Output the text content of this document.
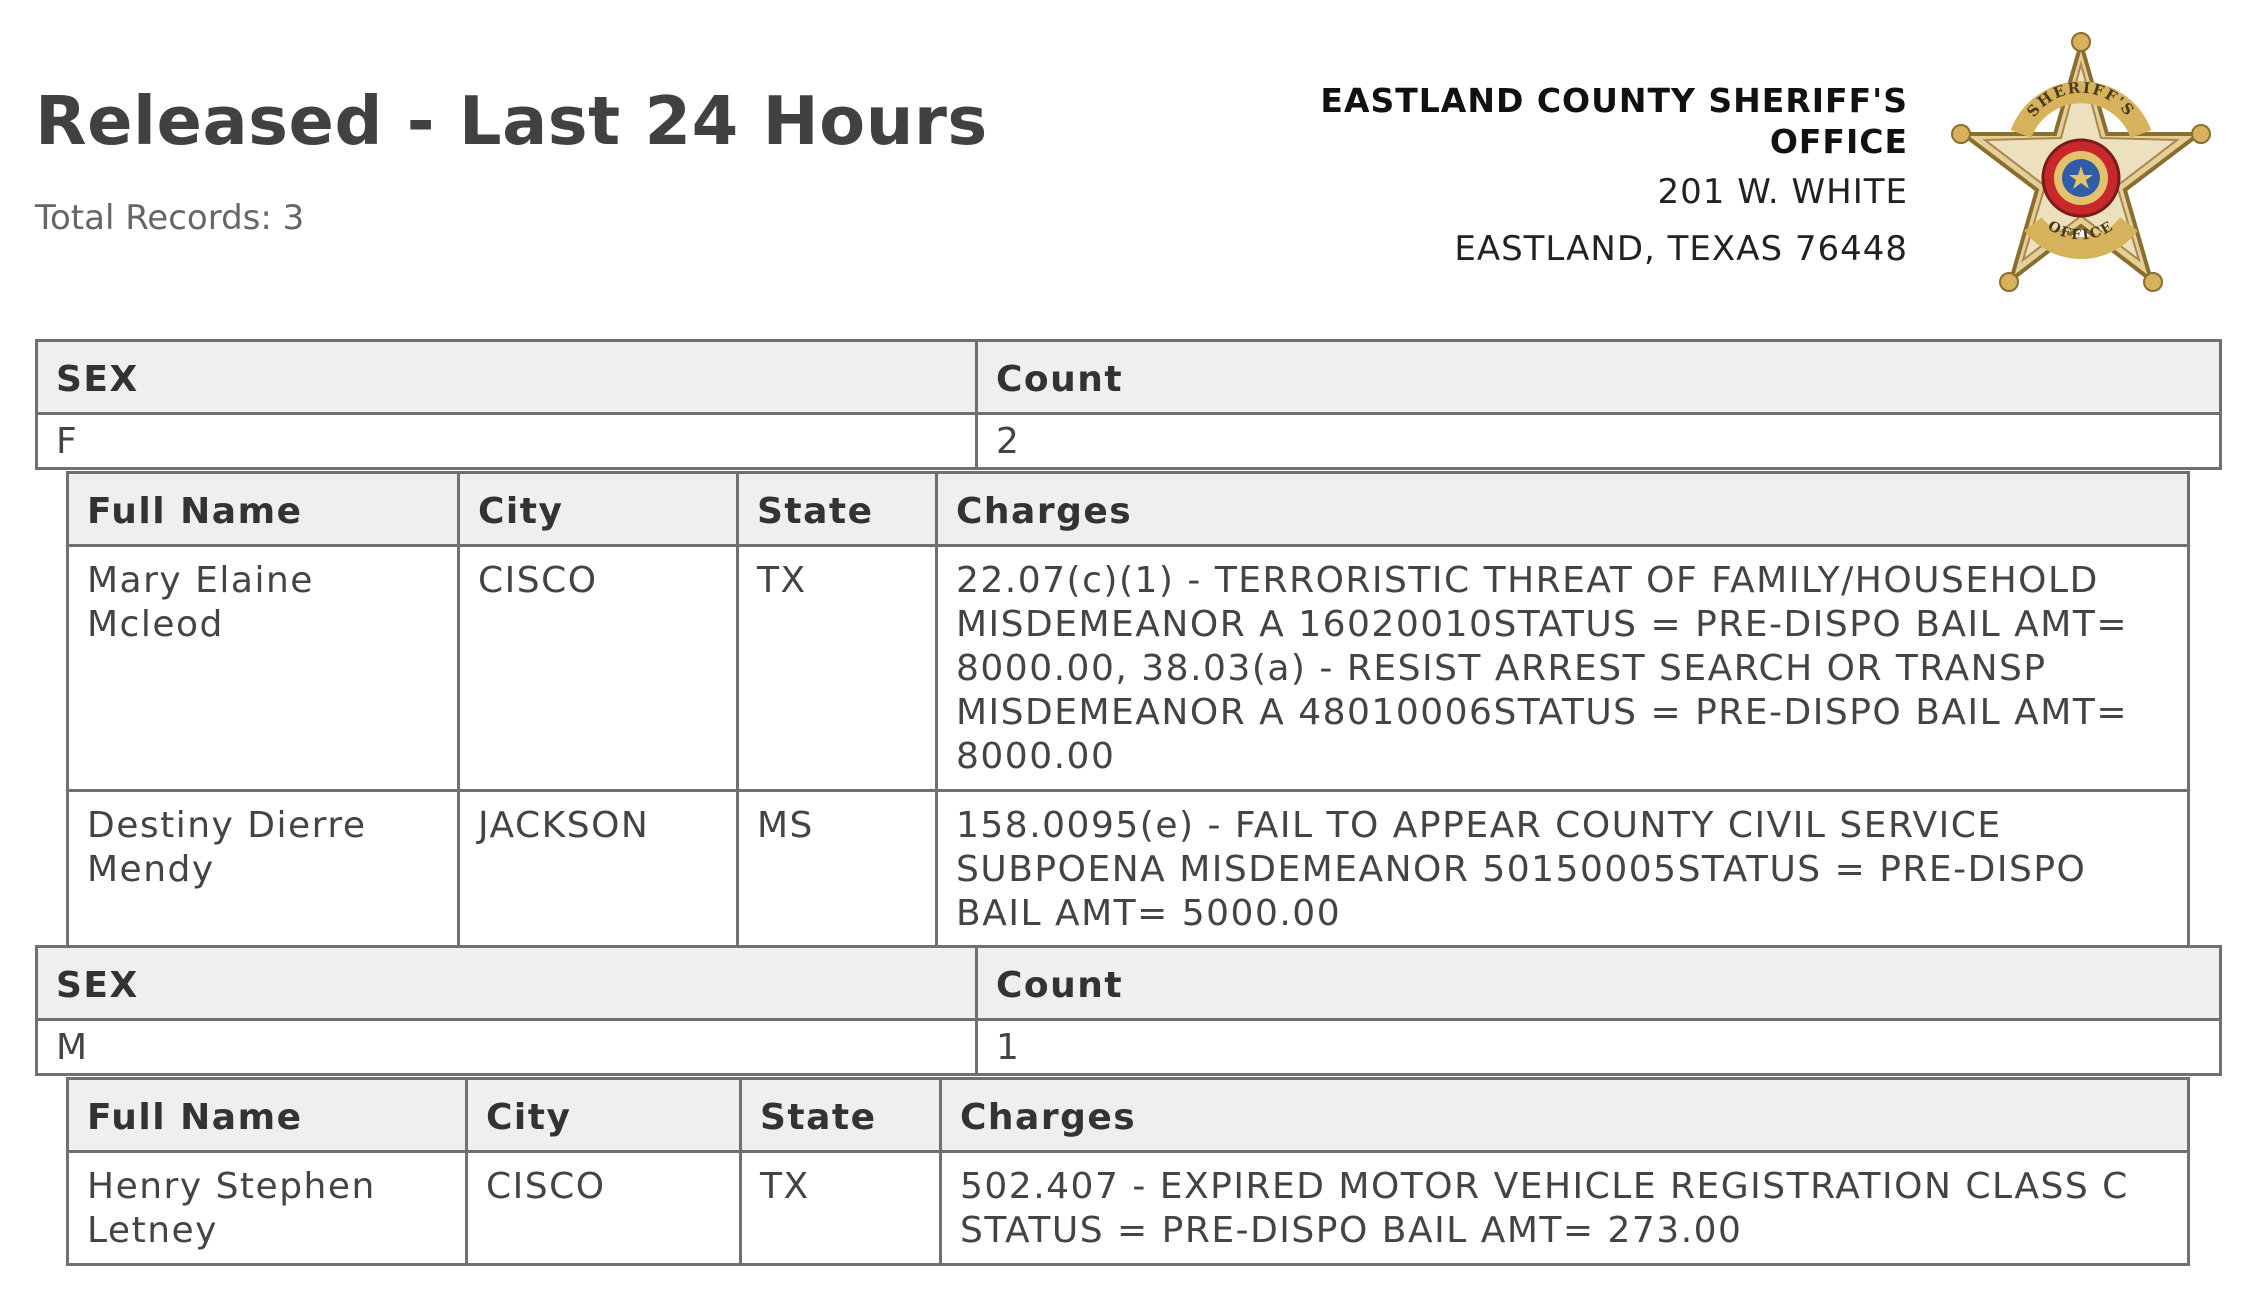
Released - Last 24 Hours
Total Records: 3
EASTLAND COUNTY SHERIFF'S
OFFICE
201 W. WHITE
EASTLAND, TEXAS 76448
SHERIFF'S
OFFICE
SEX	Count
F	2
Full Name	City	State	Charges
Mary Elaine Mcleod	CISCO	TX	22.07(c)(1) - TERRORISTIC THREAT OF FAMILY/HOUSEHOLD MISDEMEANOR A 16020010STATUS = PRE-DISPO BAIL AMT= 8000.00, 38.03(a) - RESIST ARREST SEARCH OR TRANSP MISDEMEANOR A 48010006STATUS = PRE-DISPO BAIL AMT= 8000.00
Destiny Dierre Mendy	JACKSON	MS	158.0095(e) - FAIL TO APPEAR COUNTY CIVIL SERVICE SUBPOENA MISDEMEANOR 50150005STATUS = PRE-DISPO BAIL AMT= 5000.00
SEX	Count
M	1
Full Name	City	State	Charges
Henry Stephen Letney	CISCO	TX	502.407 - EXPIRED MOTOR VEHICLE REGISTRATION CLASS C STATUS = PRE-DISPO BAIL AMT= 273.00
